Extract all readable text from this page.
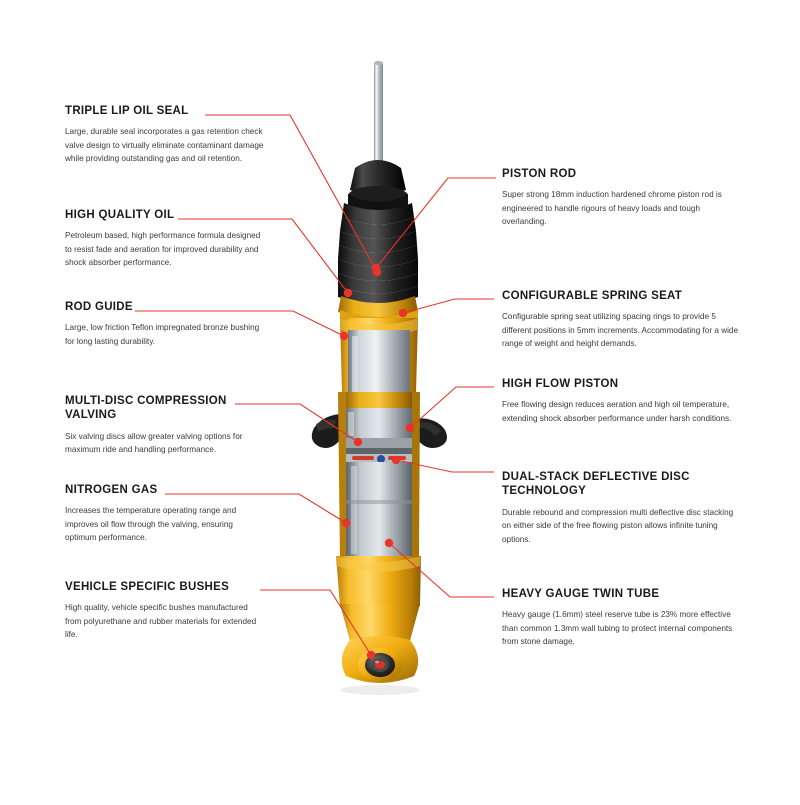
TRIPLE LIP OIL SEAL
Large, durable seal incorporates a gas retention check valve design to virtually eliminate contaminant damage while providing outstanding gas and oil retention.
HIGH QUALITY OIL
Petroleum based, high performance formula designed to resist fade and aeration for improved durability and shock absorber performance.
ROD GUIDE
Large, low friction Teflon impregnated bronze bushing for long lasting durability.
MULTI-DISC COMPRESSION VALVING
Six valving discs allow greater valving options for maximum ride and handling performance.
NITROGEN GAS
Increases the temperature operating range and improves oil flow through the valving, ensuring optimum performance.
VEHICLE SPECIFIC BUSHES
High quality, vehicle specific bushes manufactured from polyurethane and rubber materials for extended life.
PISTON ROD
Super strong 18mm induction hardened chrome piston rod is engineered to handle rigours of heavy loads and tough overlanding.
CONFIGURABLE SPRING SEAT
Configurable spring seat utilizing spacing rings to provide 5 different positions in 5mm increments. Accommodating for a wide range of weight and height demands.
HIGH FLOW PISTON
Free flowing design reduces aeration and high oil temperature, extending shock absorber performance under harsh conditions.
DUAL-STACK DEFLECTIVE DISC TECHNOLOGY
Durable rebound and compression multi deflective disc stacking on either side of the free flowing piston allows infinite tuning options.
HEAVY GAUGE TWIN TUBE
Heavy gauge (1.6mm) steel reserve tube is 23% more effective than common 1.3mm wall tubing to protect internal components from stone damage.
